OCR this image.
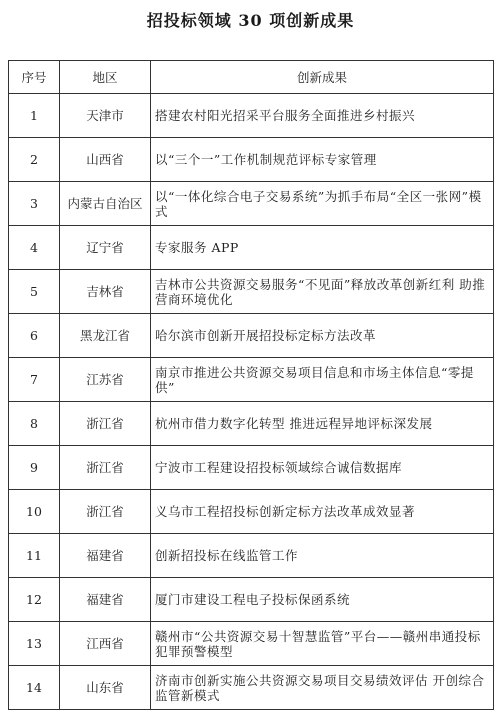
招投标领域 30 项创新成果
序号	地区	创新成果
1	天津市	搭建农村阳光招采平台服务全面推进乡村振兴
2	山西省	以“三个一”工作机制规范评标专家管理
3	内蒙古自治区	以“一体化综合电子交易系统”为抓手布局“全区一张网”模式
4	辽宁省	专家服务 APP
5	吉林省	吉林市公共资源交易服务“不见面”释放改革创新红利 助推营商环境优化
6	黑龙江省	哈尔滨市创新开展招投标定标方法改革
7	江苏省	南京市推进公共资源交易项目信息和市场主体信息“零提供”
8	浙江省	杭州市借力数字化转型 推进远程异地评标深发展
9	浙江省	宁波市工程建设招投标领域综合诚信数据库
10	浙江省	义乌市工程招投标创新定标方法改革成效显著
11	福建省	创新招投标在线监管工作
12	福建省	厦门市建设工程电子投标保函系统
13	江西省	赣州市“公共资源交易十智慧监管”平台——赣州串通投标犯罪预警模型
14	山东省	济南市创新实施公共资源交易项目交易绩效评估 开创综合监管新模式
